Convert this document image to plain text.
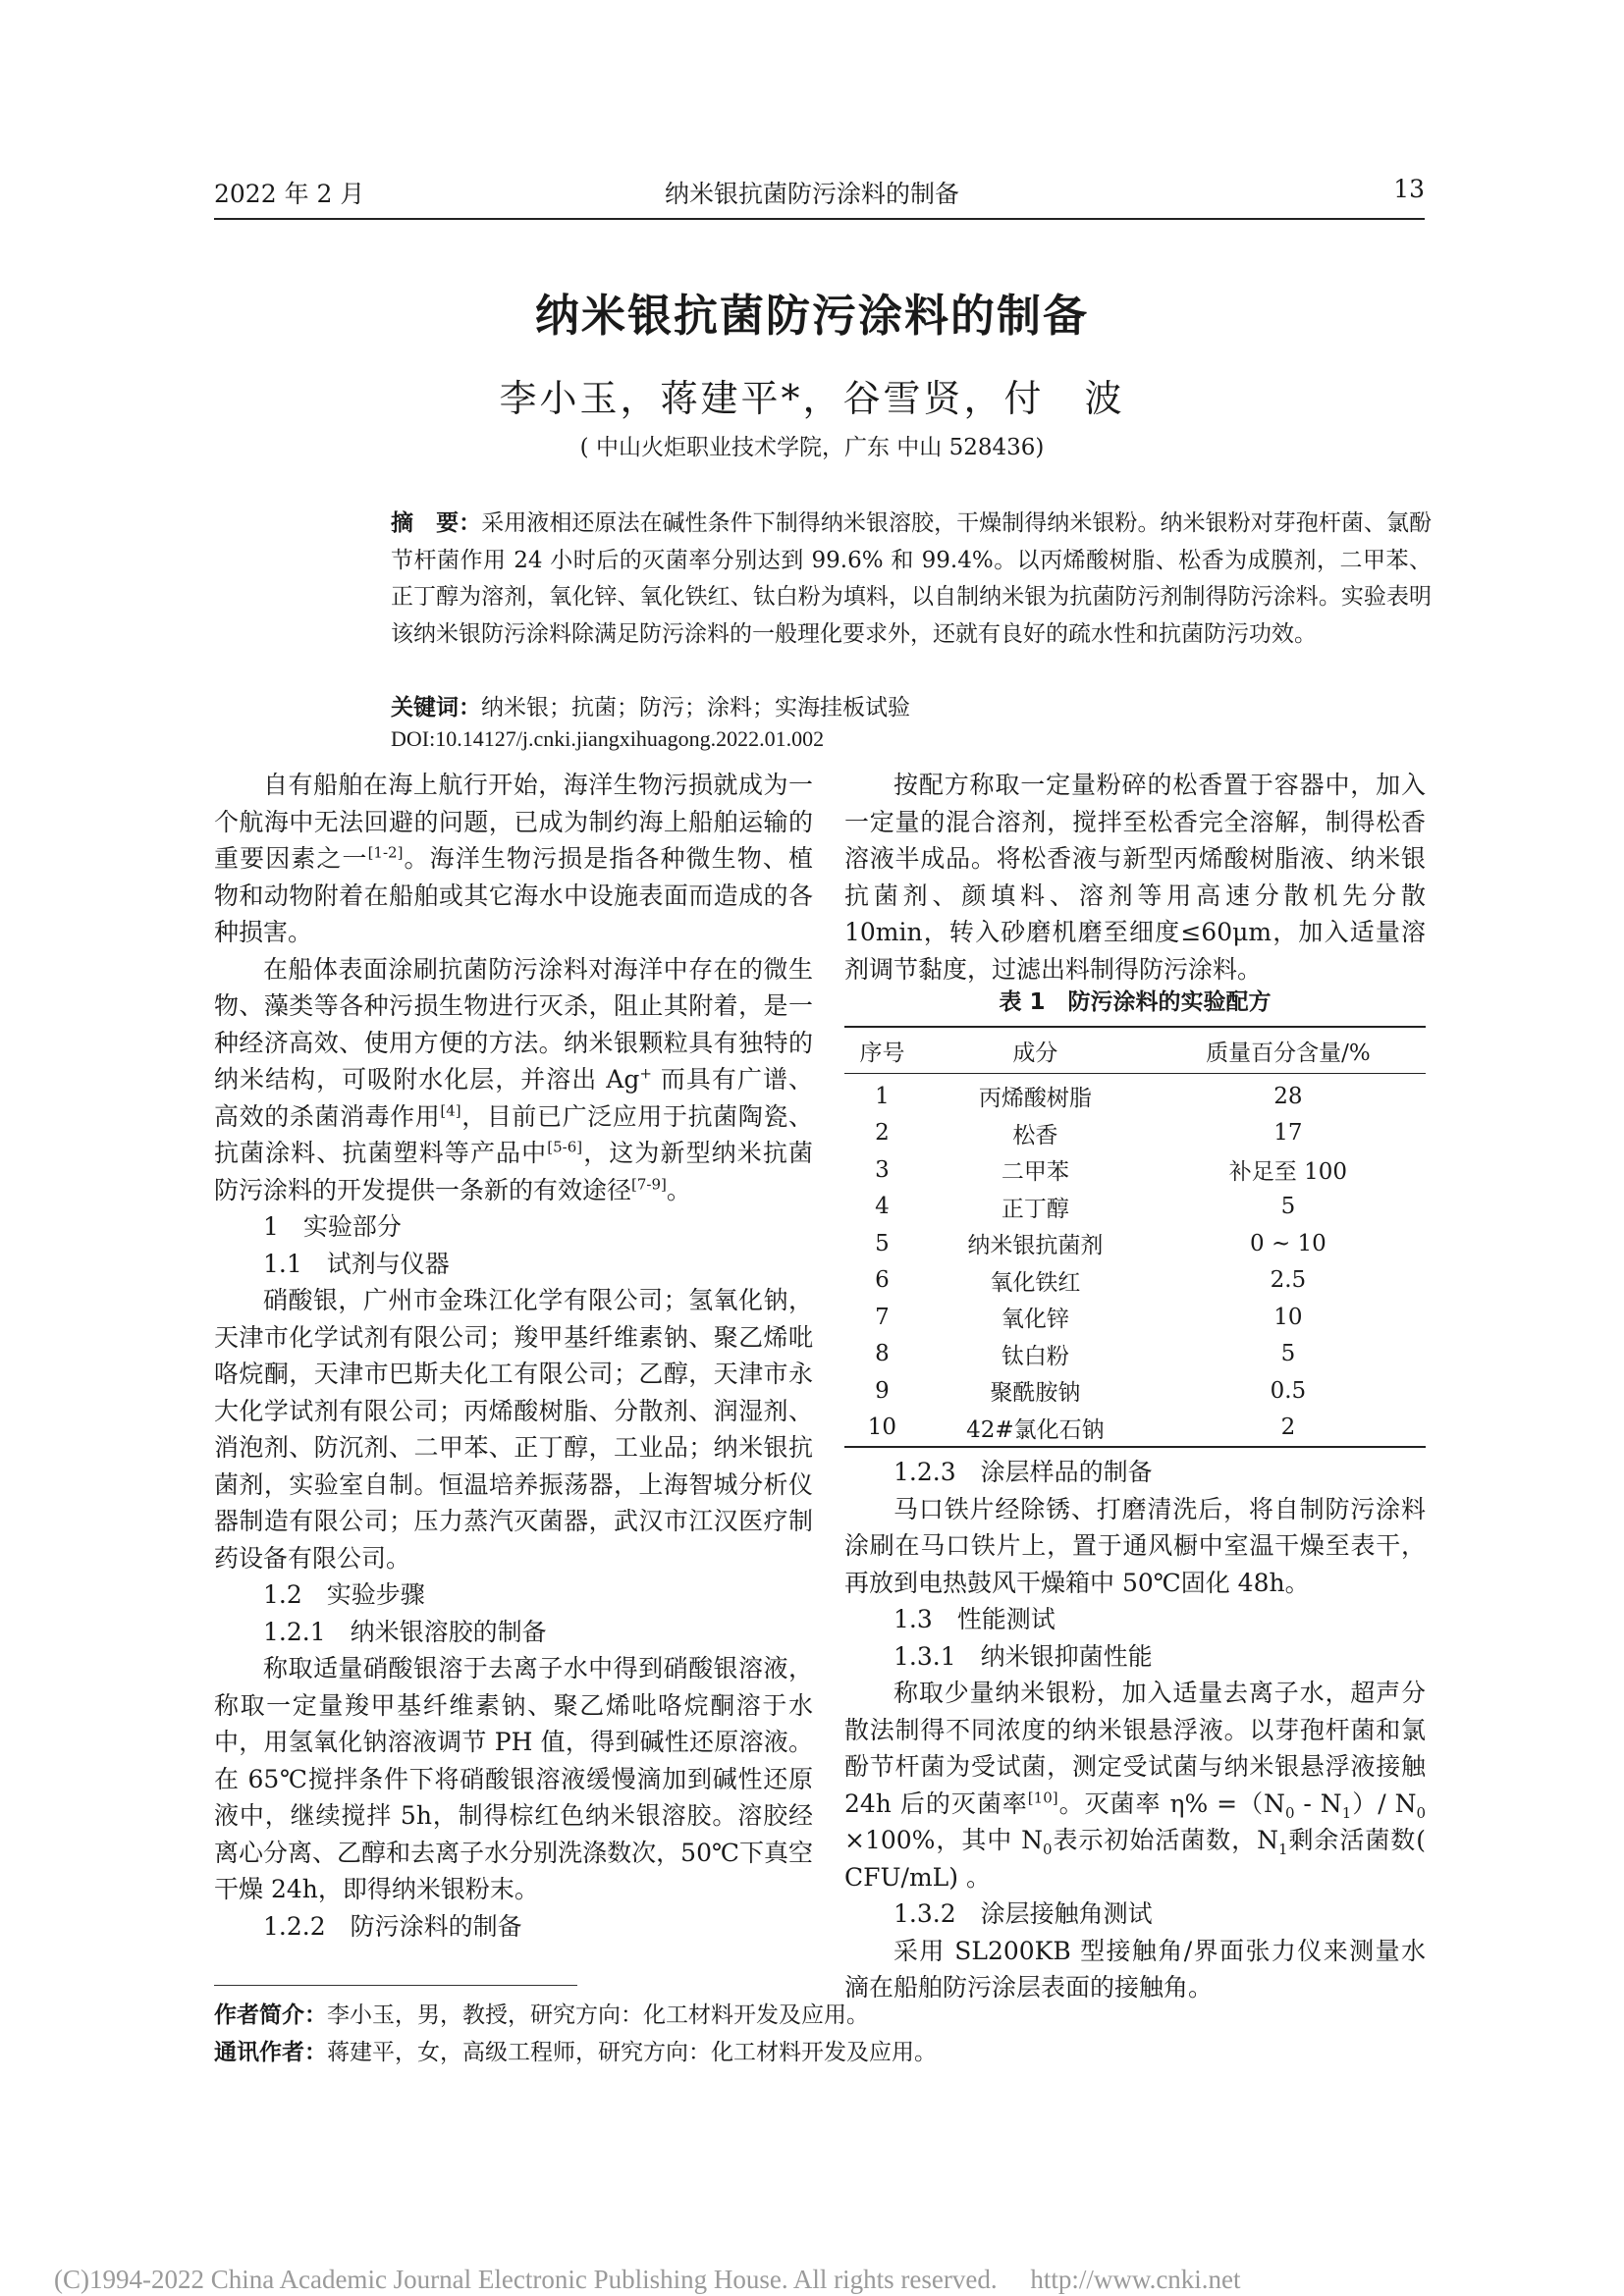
2022 年 2 月	纳米银抗菌防污涂料的制备	13
纳米银抗菌防污涂料的制备
李小玉，蒋建平*，谷雪贤，付　波
( 中山火炬职业技术学院，广东 中山 528436)
摘　要：采用液相还原法在碱性条件下制得纳米银溶胶，干燥制得纳米银粉。纳米银粉对芽孢杆菌、氯酚节杆菌作用 24 小时后的灭菌率分别达到 99.6% 和 99.4%。以丙烯酸树脂、松香为成膜剂，二甲苯、正丁醇为溶剂，氧化锌、氧化铁红、钛白粉为填料，以自制纳米银为抗菌防污剂制得防污涂料。实验表明该纳米银防污涂料除满足防污涂料的一般理化要求外，还就有良好的疏水性和抗菌防污功效。
关键词：纳米银；抗菌；防污；涂料；实海挂板试验
DOI:10.14127/j.cnki.jiangxihuagong.2022.01.002

自有船舶在海上航行开始，海洋生物污损就成为一个航海中无法回避的问题，已成为制约海上船舶运输的重要因素之一[1-2]。海洋生物污损是指各种微生物、植物和动物附着在船舶或其它海水中设施表面而造成的各种损害。

在船体表面涂刷抗菌防污涂料对海洋中存在的微生物、藻类等各种污损生物进行灭杀，阻止其附着，是一种经济高效、使用方便的方法。纳米银颗粒具有独特的纳米结构，可吸附水化层，并溶出 Ag+ 而具有广谱、高效的杀菌消毒作用[4]，目前已广泛应用于抗菌陶瓷、抗菌涂料、抗菌塑料等产品中[5-6]，这为新型纳米抗菌防污涂料的开发提供一条新的有效途径[7-9]。

1　实验部分

1.1　试剂与仪器

硝酸银，广州市金珠江化学有限公司；氢氧化钠，天津市化学试剂有限公司；羧甲基纤维素钠、聚乙烯吡咯烷酮，天津市巴斯夫化工有限公司；乙醇，天津市永大化学试剂有限公司；丙烯酸树脂、分散剂、润湿剂、消泡剂、防沉剂、二甲苯、正丁醇，工业品；纳米银抗菌剂，实验室自制。恒温培养振荡器，上海智城分析仪器制造有限公司；压力蒸汽灭菌器，武汉市江汉医疗制药设备有限公司。

1.2　实验步骤

1.2.1　纳米银溶胶的制备

称取适量硝酸银溶于去离子水中得到硝酸银溶液，称取一定量羧甲基纤维素钠、聚乙烯吡咯烷酮溶于水中，用氢氧化钠溶液调节 PH 值，得到碱性还原溶液。在 65℃搅拌条件下将硝酸银溶液缓慢滴加到碱性还原液中，继续搅拌 5h，制得棕红色纳米银溶胶。溶胶经离心分离、乙醇和去离子水分别洗涤数次，50℃下真空干燥 24h，即得纳米银粉末。

1.2.2　防污涂料的制备

按配方称取一定量粉碎的松香置于容器中，加入一定量的混合溶剂，搅拌至松香完全溶解，制得松香溶液半成品。将松香液与新型丙烯酸树脂液、纳米银抗菌剂、颜填料、溶剂等用高速分散机先分散 10min，转入砂磨机磨至细度≤60μm，加入适量溶剂调节黏度，过滤出料制得防污涂料。

表 1　防污涂料的实验配方
序号	成分	质量百分含量/%
1	丙烯酸树脂	28
2	松香	17
3	二甲苯	补足至 100
4	正丁醇	5
5	纳米银抗菌剂	0 ~ 10
6	氧化铁红	2.5
7	氧化锌	10
8	钛白粉	5
9	聚酰胺钠	0.5
10	42#氯化石钠	2

1.2.3　涂层样品的制备

马口铁片经除锈、打磨清洗后，将自制防污涂料涂刷在马口铁片上，置于通风橱中室温干燥至表干，再放到电热鼓风干燥箱中 50℃固化 48h。

1.3　性能测试

1.3.1　纳米银抑菌性能

称取少量纳米银粉，加入适量去离子水，超声分散法制得不同浓度的纳米银悬浮液。以芽孢杆菌和氯酚节杆菌为受试菌，测定受试菌与纳米银悬浮液接触 24h 后的灭菌率[10]。灭菌率 $\eta\% =(N_0 - N_1)/$ $N_0 \times 100\%$，其中 $N_0$表示初始活菌数，$N_1$剩余活菌数( CFU/mL) 。

1.3.2　涂层接触角测试

采用 SL200KB 型接触角/界面张力仪来测量水滴在船舶防污涂层表面的接触角。

作者简介：李小玉，男，教授，研究方向：化工材料开发及应用。
通讯作者：蒋建平，女，高级工程师，研究方向：化工材料开发及应用。
(C)1994-2022 China Academic Journal Electronic Publishing House. All rights reserved.　 http://www.cnki.net
